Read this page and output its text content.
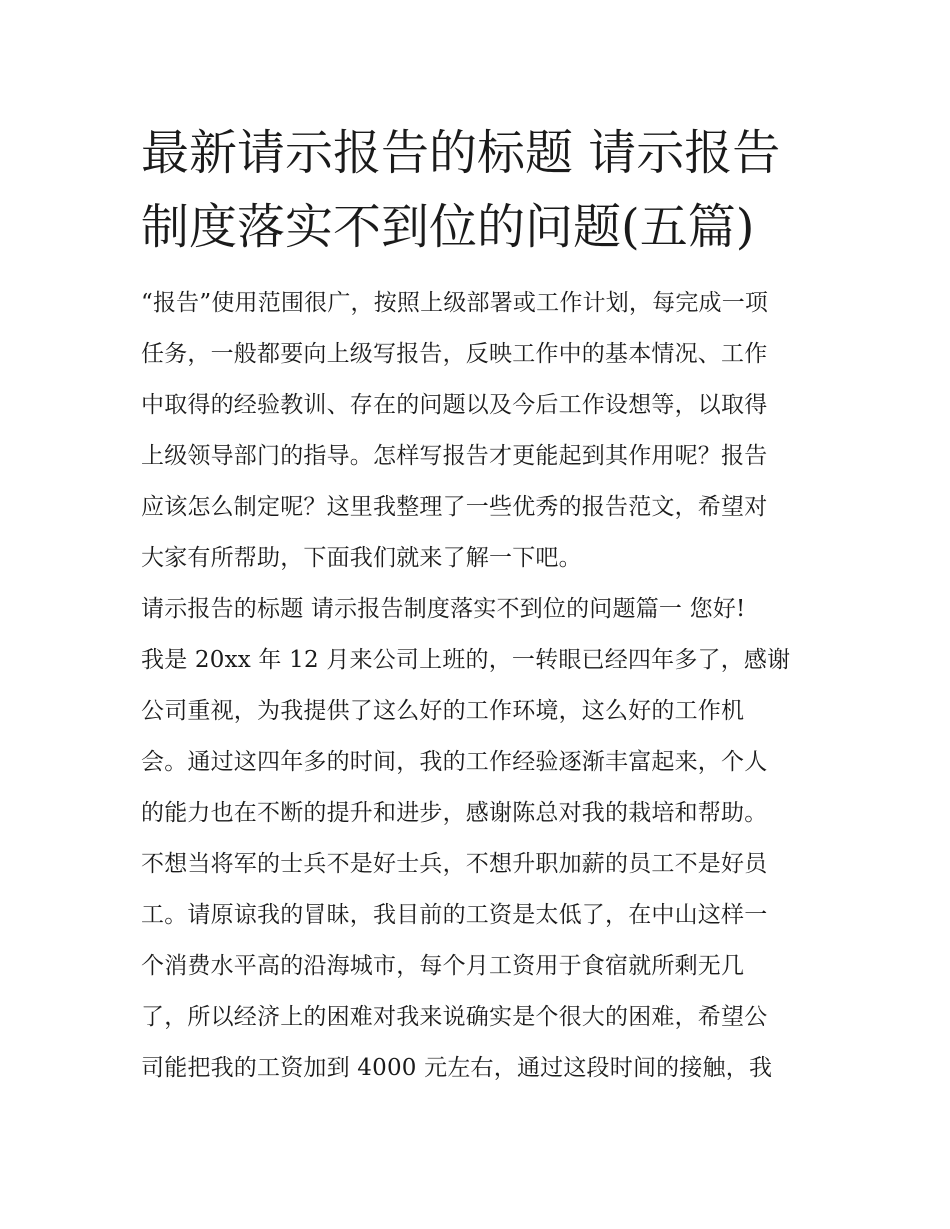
最新请示报告的标题 请示报告
制度落实不到位的问题(五篇)
“报告”使用范围很广，按照上级部署或工作计划，每完成一项
任务，一般都要向上级写报告，反映工作中的基本情况、工作
中取得的经验教训、存在的问题以及今后工作设想等，以取得
上级领导部门的指导。怎样写报告才更能起到其作用呢？报告
应该怎么制定呢？这里我整理了一些优秀的报告范文，希望对
大家有所帮助，下面我们就来了解一下吧。
请示报告的标题 请示报告制度落实不到位的问题篇一 您好!
我是 20xx 年 12 月来公司上班的，一转眼已经四年多了，感谢
公司重视，为我提供了这么好的工作环境，这么好的工作机
会。通过这四年多的时间，我的工作经验逐渐丰富起来，个人
的能力也在不断的提升和进步，感谢陈总对我的栽培和帮助。
不想当将军的士兵不是好士兵，不想升职加薪的员工不是好员
工。请原谅我的冒昧，我目前的工资是太低了，在中山这样一
个消费水平高的沿海城市，每个月工资用于食宿就所剩无几
了，所以经济上的困难对我来说确实是个很大的困难，希望公
司能把我的工资加到 4000 元左右，通过这段时间的接触，我
